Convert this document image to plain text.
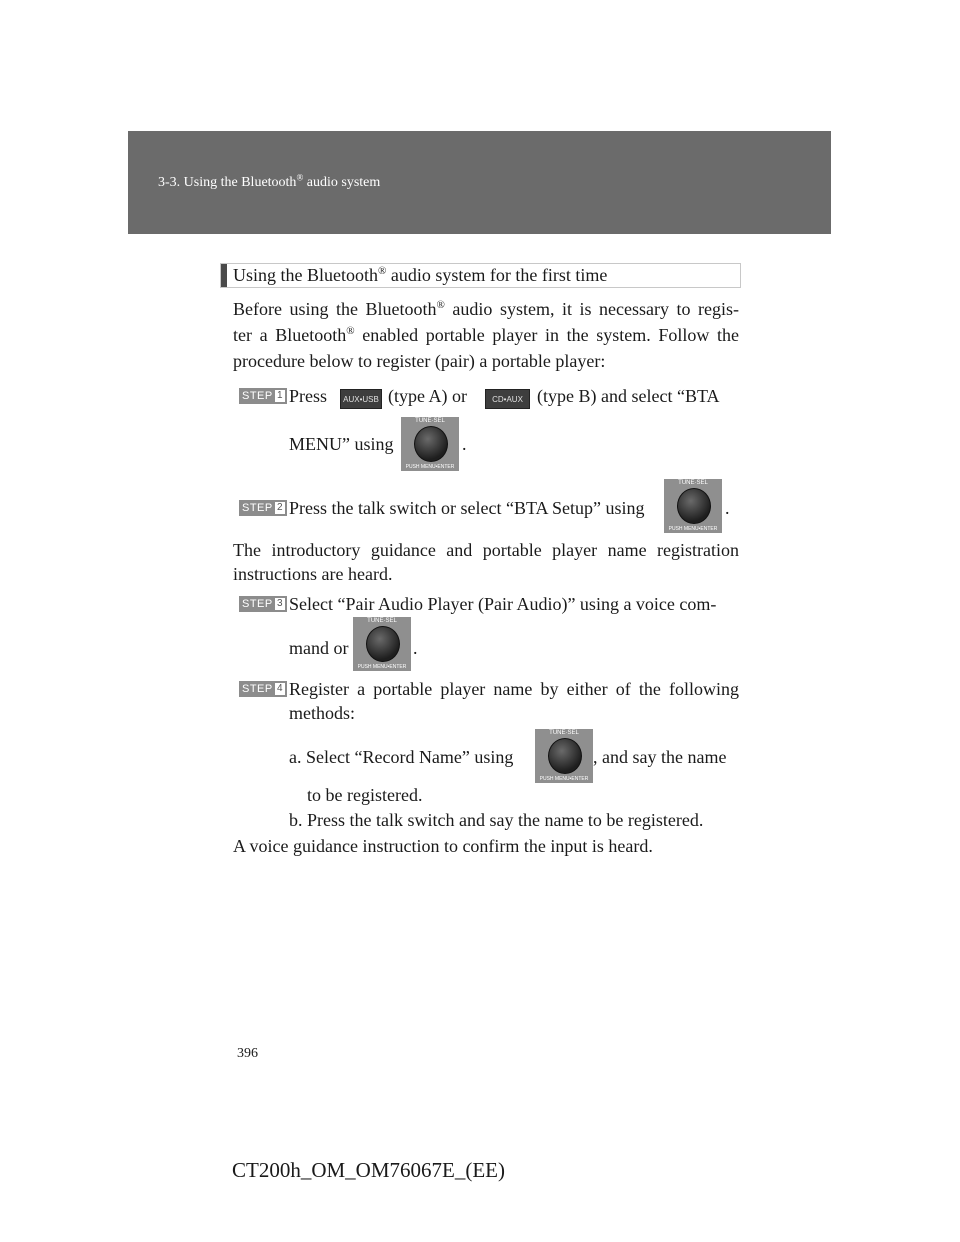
3-3. Using the Bluetooth® audio system
Using the Bluetooth® audio system for the first time
Before using the Bluetooth® audio system, it is necessary to regis-
ter a Bluetooth® enabled portable player in the system. Follow the
procedure below to register (pair) a portable player:
STEP 1 Press	AUX•USB (type A) or	CD•AUX (type B) and select “BTA
MENU” using
TUNE·SEL
PUSH MENU•ENTER
.
STEP 2 Press the talk switch or select “BTA Setup” using
TUNE·SEL
PUSH MENU•ENTER
.
The introductory guidance and portable player name registration
instructions are heard.
STEP 3 Select “Pair Audio Player (Pair Audio)” using a voice com-
mand or
TUNE·SEL
PUSH MENU•ENTER
.
STEP 4 Register a portable player name by either of the following
methods:
a. Select “Record Name” using
TUNE·SEL
PUSH MENU•ENTER
, and say the name
to be registered.
b. Press the talk switch and say the name to be registered.
A voice guidance instruction to confirm the input is heard.
396
CT200h_OM_OM76067E_(EE)
